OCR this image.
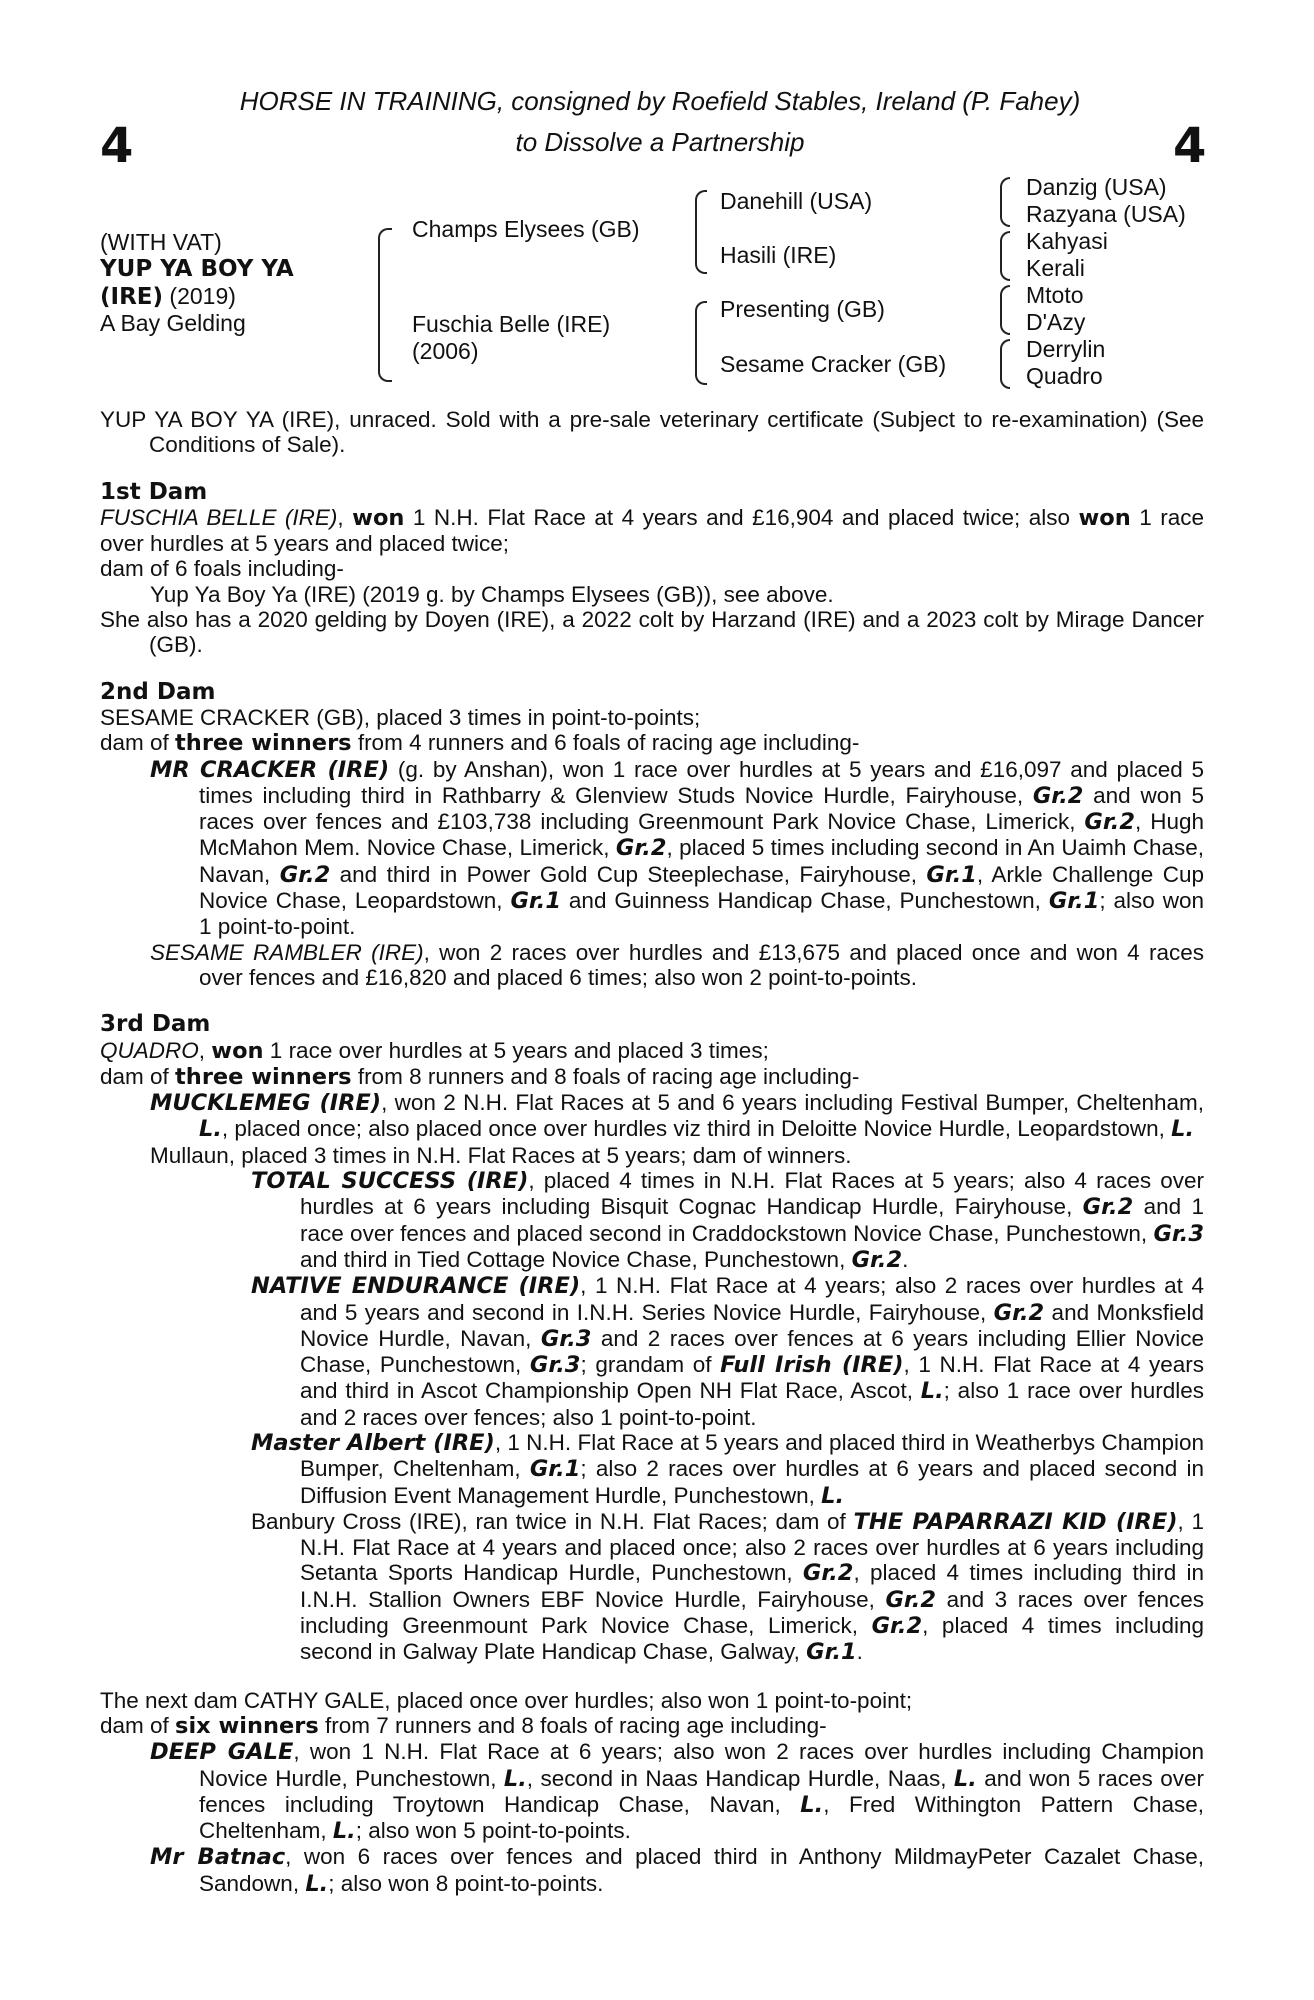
4	4
HORSE IN TRAINING, consigned by Roefield Stables, Ireland (P. Fahey)
to Dissolve a Partnership
(WITH VAT)
YUP YA BOY YA
(IRE) (2019)
A Bay Gelding
Champs Elysees (GB)
Fuschia Belle (IRE)
(2006)
Danehill (USA)
Hasili (IRE)
Presenting (GB)
Sesame Cracker (GB)
Danzig (USA)
Razyana (USA)
Kahyasi
Kerali
Mtoto
D'Azy
Derrylin
Quadro

YUP YA BOY YA (IRE), unraced. Sold with a pre-sale veterinary certificate (Subject to re-examination) (See Conditions of Sale).

1st Dam

FUSCHIA BELLE (IRE), won 1 N.H. Flat Race at 4 years and £16,904 and placed twice; also won 1 race over hurdles at 5 years and placed twice;

dam of 6 foals including-

Yup Ya Boy Ya (IRE) (2019 g. by Champs Elysees (GB)), see above.

She also has a 2020 gelding by Doyen (IRE), a 2022 colt by Harzand (IRE) and a 2023 colt by Mirage Dancer (GB).

2nd Dam

SESAME CRACKER (GB), placed 3 times in point-to-points;

dam of three winners from 4 runners and 6 foals of racing age including-

MR CRACKER (IRE) (g. by Anshan), won 1 race over hurdles at 5 years and £16,097 and placed 5 times including third in Rathbarry & Glenview Studs Novice Hurdle, Fairyhouse, Gr.2 and won 5 races over fences and £103,738 including Greenmount Park Novice Chase, Limerick, Gr.2, Hugh McMahon Mem. Novice Chase, Limerick, Gr.2, placed 5 times including second in An Uaimh Chase, Navan, Gr.2 and third in Power Gold Cup Steeplechase, Fairyhouse, Gr.1, Arkle Challenge Cup Novice Chase, Leopardstown, Gr.1 and Guinness Handicap Chase, Punchestown, Gr.1; also won 1 point-to-point.

SESAME RAMBLER (IRE), won 2 races over hurdles and £13,675 and placed once and won 4 races over fences and £16,820 and placed 6 times; also won 2 point-to-points.

3rd Dam

QUADRO, won 1 race over hurdles at 5 years and placed 3 times;

dam of three winners from 8 runners and 8 foals of racing age including-

MUCKLEMEG (IRE), won 2 N.H. Flat Races at 5 and 6 years including Festival Bumper, Cheltenham, L., placed once; also placed once over hurdles viz third in Deloitte Novice Hurdle, Leopardstown, L.

Mullaun, placed 3 times in N.H. Flat Races at 5 years; dam of winners.

TOTAL SUCCESS (IRE), placed 4 times in N.H. Flat Races at 5 years; also 4 races over hurdles at 6 years including Bisquit Cognac Handicap Hurdle, Fairyhouse, Gr.2 and 1 race over fences and placed second in Craddockstown Novice Chase, Punchestown, Gr.3 and third in Tied Cottage Novice Chase, Punchestown, Gr.2.

NATIVE ENDURANCE (IRE), 1 N.H. Flat Race at 4 years; also 2 races over hurdles at 4 and 5 years and second in I.N.H. Series Novice Hurdle, Fairyhouse, Gr.2 and Monksfield Novice Hurdle, Navan, Gr.3 and 2 races over fences at 6 years including Ellier Novice Chase, Punchestown, Gr.3; grandam of Full Irish (IRE), 1 N.H. Flat Race at 4 years and third in Ascot Championship Open NH Flat Race, Ascot, L.; also 1 race over hurdles and 2 races over fences; also 1 point-to-point.

Master Albert (IRE), 1 N.H. Flat Race at 5 years and placed third in Weatherbys Champion Bumper, Cheltenham, Gr.1; also 2 races over hurdles at 6 years and placed second in Diffusion Event Management Hurdle, Punchestown, L.

Banbury Cross (IRE), ran twice in N.H. Flat Races; dam of THE PAPARRAZI KID (IRE), 1 N.H. Flat Race at 4 years and placed once; also 2 races over hurdles at 6 years including Setanta Sports Handicap Hurdle, Punchestown, Gr.2, placed 4 times including third in I.N.H. Stallion Owners EBF Novice Hurdle, Fairyhouse, Gr.2 and 3 races over fences including Greenmount Park Novice Chase, Limerick, Gr.2, placed 4 times including second in Galway Plate Handicap Chase, Galway, Gr.1.

The next dam CATHY GALE, placed once over hurdles; also won 1 point-to-point;

dam of six winners from 7 runners and 8 foals of racing age including-

DEEP GALE, won 1 N.H. Flat Race at 6 years; also won 2 races over hurdles including Champion Novice Hurdle, Punchestown, L., second in Naas Handicap Hurdle, Naas, L. and won 5 races over fences including Troytown Handicap Chase, Navan, L., Fred Withington Pattern Chase, Cheltenham, L.; also won 5 point-to-points.

Mr Batnac, won 6 races over fences and placed third in Anthony MildmayPeter Cazalet Chase, Sandown, L.; also won 8 point-to-points.
